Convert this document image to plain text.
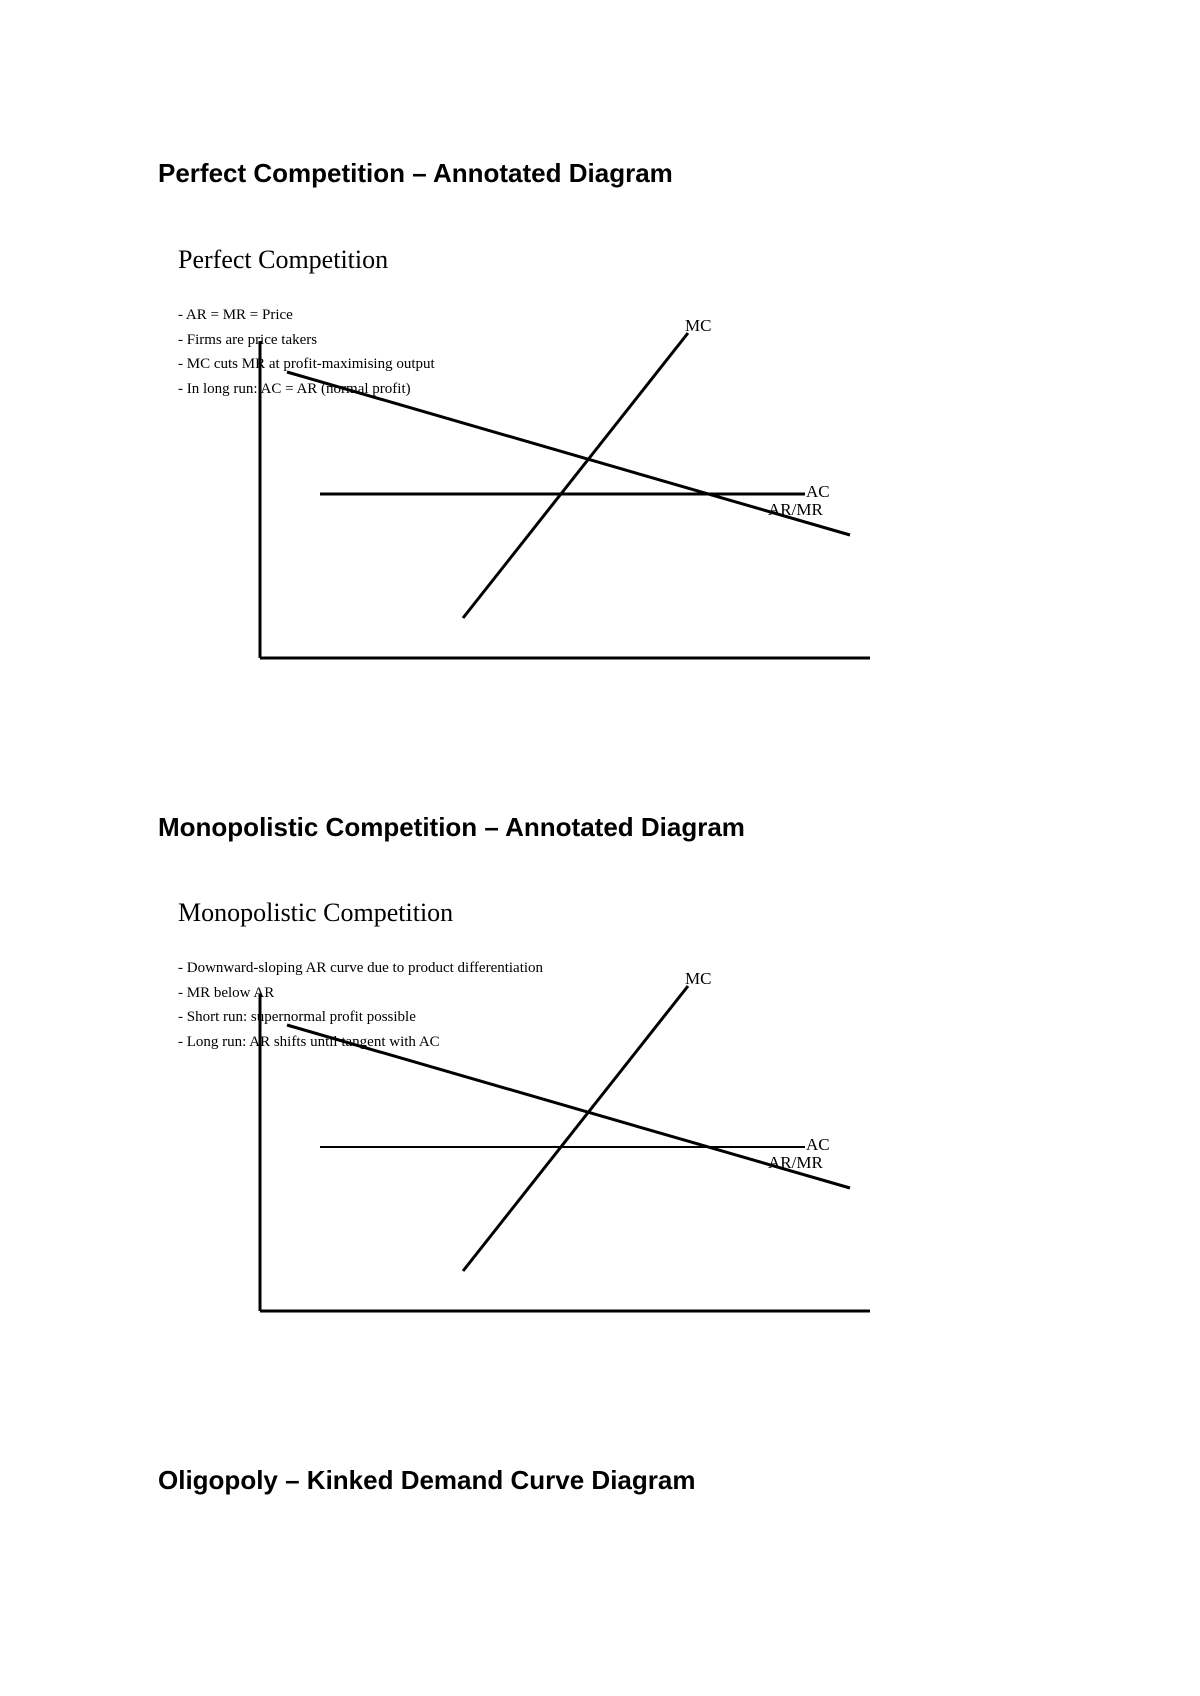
Perfect Competition – Annotated Diagram
MC
AC
AR/MR
Perfect Competition
- AR = MR = Price
- Firms are price takers
- MC cuts MR at profit-maximising output
- In long run: AC = AR (normal profit)
Monopolistic Competition – Annotated Diagram
MC
AC
AR/MR
Monopolistic Competition
- Downward-sloping AR curve due to product differentiation
- MR below AR
- Short run: supernormal profit possible
- Long run: AR shifts until tangent with AC
Oligopoly – Kinked Demand Curve Diagram
